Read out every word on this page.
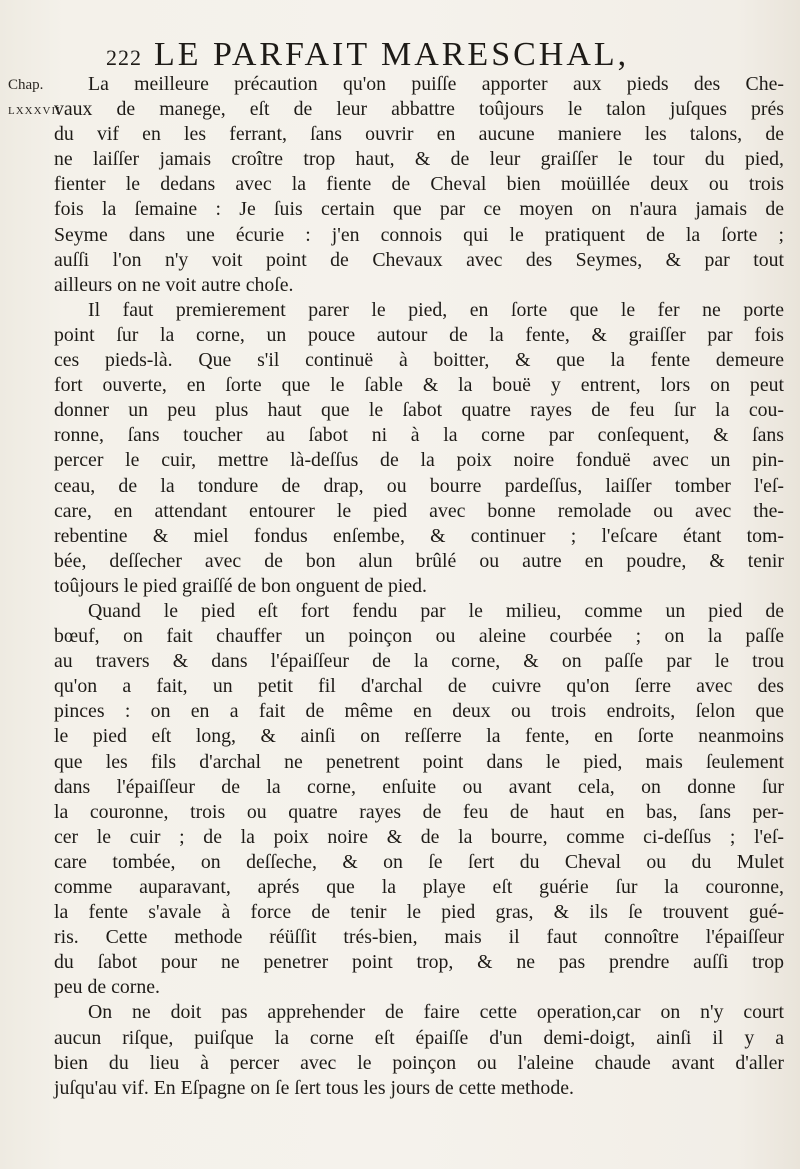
222 LE PARFAIT MARESCHAL,
Chap.
LXXXVII
La meilleure précaution qu'on puiſſe apporter aux pieds des Che-
vaux de manege, eſt de leur abbattre toûjours le talon juſques prés
du vif en les ferrant, ſans ouvrir en aucune maniere les talons, de
ne laiſſer jamais croître trop haut, & de leur graiſſer le tour du pied,
fienter le dedans avec la fiente de Cheval bien moüillée deux ou trois
fois la ſemaine : Je ſuis certain que par ce moyen on n'aura jamais de
Seyme dans une écurie : j'en connois qui le pratiquent de la ſorte ;
auſſi l'on n'y voit point de Chevaux avec des Seymes, & par tout
ailleurs on ne voit autre choſe.
Il faut premierement parer le pied, en ſorte que le fer ne porte
point ſur la corne, un pouce autour de la fente, & graiſſer par fois
ces pieds-là. Que s'il continuë à boitter, & que la fente demeure
fort ouverte, en ſorte que le ſable & la bouë y entrent, lors on peut
donner un peu plus haut que le ſabot quatre rayes de feu ſur la cou-
ronne, ſans toucher au ſabot ni à la corne par conſequent, & ſans
percer le cuir, mettre là-deſſus de la poix noire fonduë avec un pin-
ceau, de la tondure de drap, ou bourre pardeſſus, laiſſer tomber l'eſ-
care, en attendant entourer le pied avec bonne remolade ou avec the-
rebentine & miel fondus enſembe, & continuer ; l'eſcare étant tom-
bée, deſſecher avec de bon alun brûlé ou autre en poudre, & tenir
toûjours le pied graiſſé de bon onguent de pied.
Quand le pied eſt fort fendu par le milieu, comme un pied de
bœuf, on fait chauffer un poinçon ou aleine courbée ; on la paſſe
au travers & dans l'épaiſſeur de la corne, & on paſſe par le trou
qu'on a fait, un petit fil d'archal de cuivre qu'on ſerre avec des
pinces : on en a fait de même en deux ou trois endroits, ſelon que
le pied eſt long, & ainſi on reſſerre la fente, en ſorte neanmoins
que les fils d'archal ne penetrent point dans le pied, mais ſeulement
dans l'épaiſſeur de la corne, enſuite ou avant cela, on donne ſur
la couronne, trois ou quatre rayes de feu de haut en bas, ſans per-
cer le cuir ; de la poix noire & de la bourre, comme ci-deſſus ; l'eſ-
care tombée, on deſſeche, & on ſe ſert du Cheval ou du Mulet
comme auparavant, aprés que la playe eſt guérie ſur la couronne,
la fente s'avale à force de tenir le pied gras, & ils ſe trouvent gué-
ris. Cette methode réüſſit trés-bien, mais il faut connoître l'épaiſſeur
du ſabot pour ne penetrer point trop, & ne pas prendre auſſi trop
peu de corne.
On ne doit pas apprehender de faire cette operation,car on n'y court
aucun riſque, puiſque la corne eſt épaiſſe d'un demi-doigt, ainſi il y a
bien du lieu à percer avec le poinçon ou l'aleine chaude avant d'aller
juſqu'au vif. En Eſpagne on ſe ſert tous les jours de cette methode.
